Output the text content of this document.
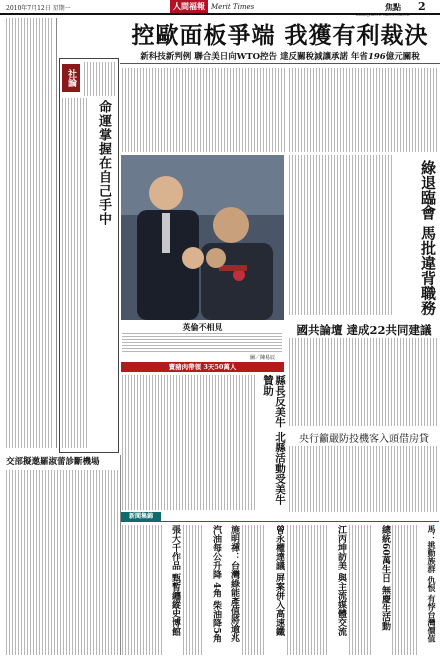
2010年7月12日 星期一	人間福報 Merit Times	焦點 2
社論
命運掌握在自己手中
控歐面板爭端 我獲有利裁決
新科技新判例 聯合美日向WTO控告 達反關稅減讓承諾 年省196億元關稅
綠退臨會 馬批違背職務
英倫不相見
圖／陳易辰
賣豬肉帶領 3天50萬人
縣長反美牛 北縣活動受美牛贊助
國共論壇 達成22共同建議
央行籲嚴防投機客入頭借房貸
交部擬邀羅淑蕾診斷機場
新聞集錦
張大千作品 甄暫纏縱史博館	汽油每公升降 4角 柴油降5角 施明禪：台灣綠能產值將逾兆	曾永權達議 屏案併入高速鐵	江丙坤訪美 與主流媒體交流	總統60萬生日 無慶生活動	馬：挑動族群 仇恨 有悖台灣價值
